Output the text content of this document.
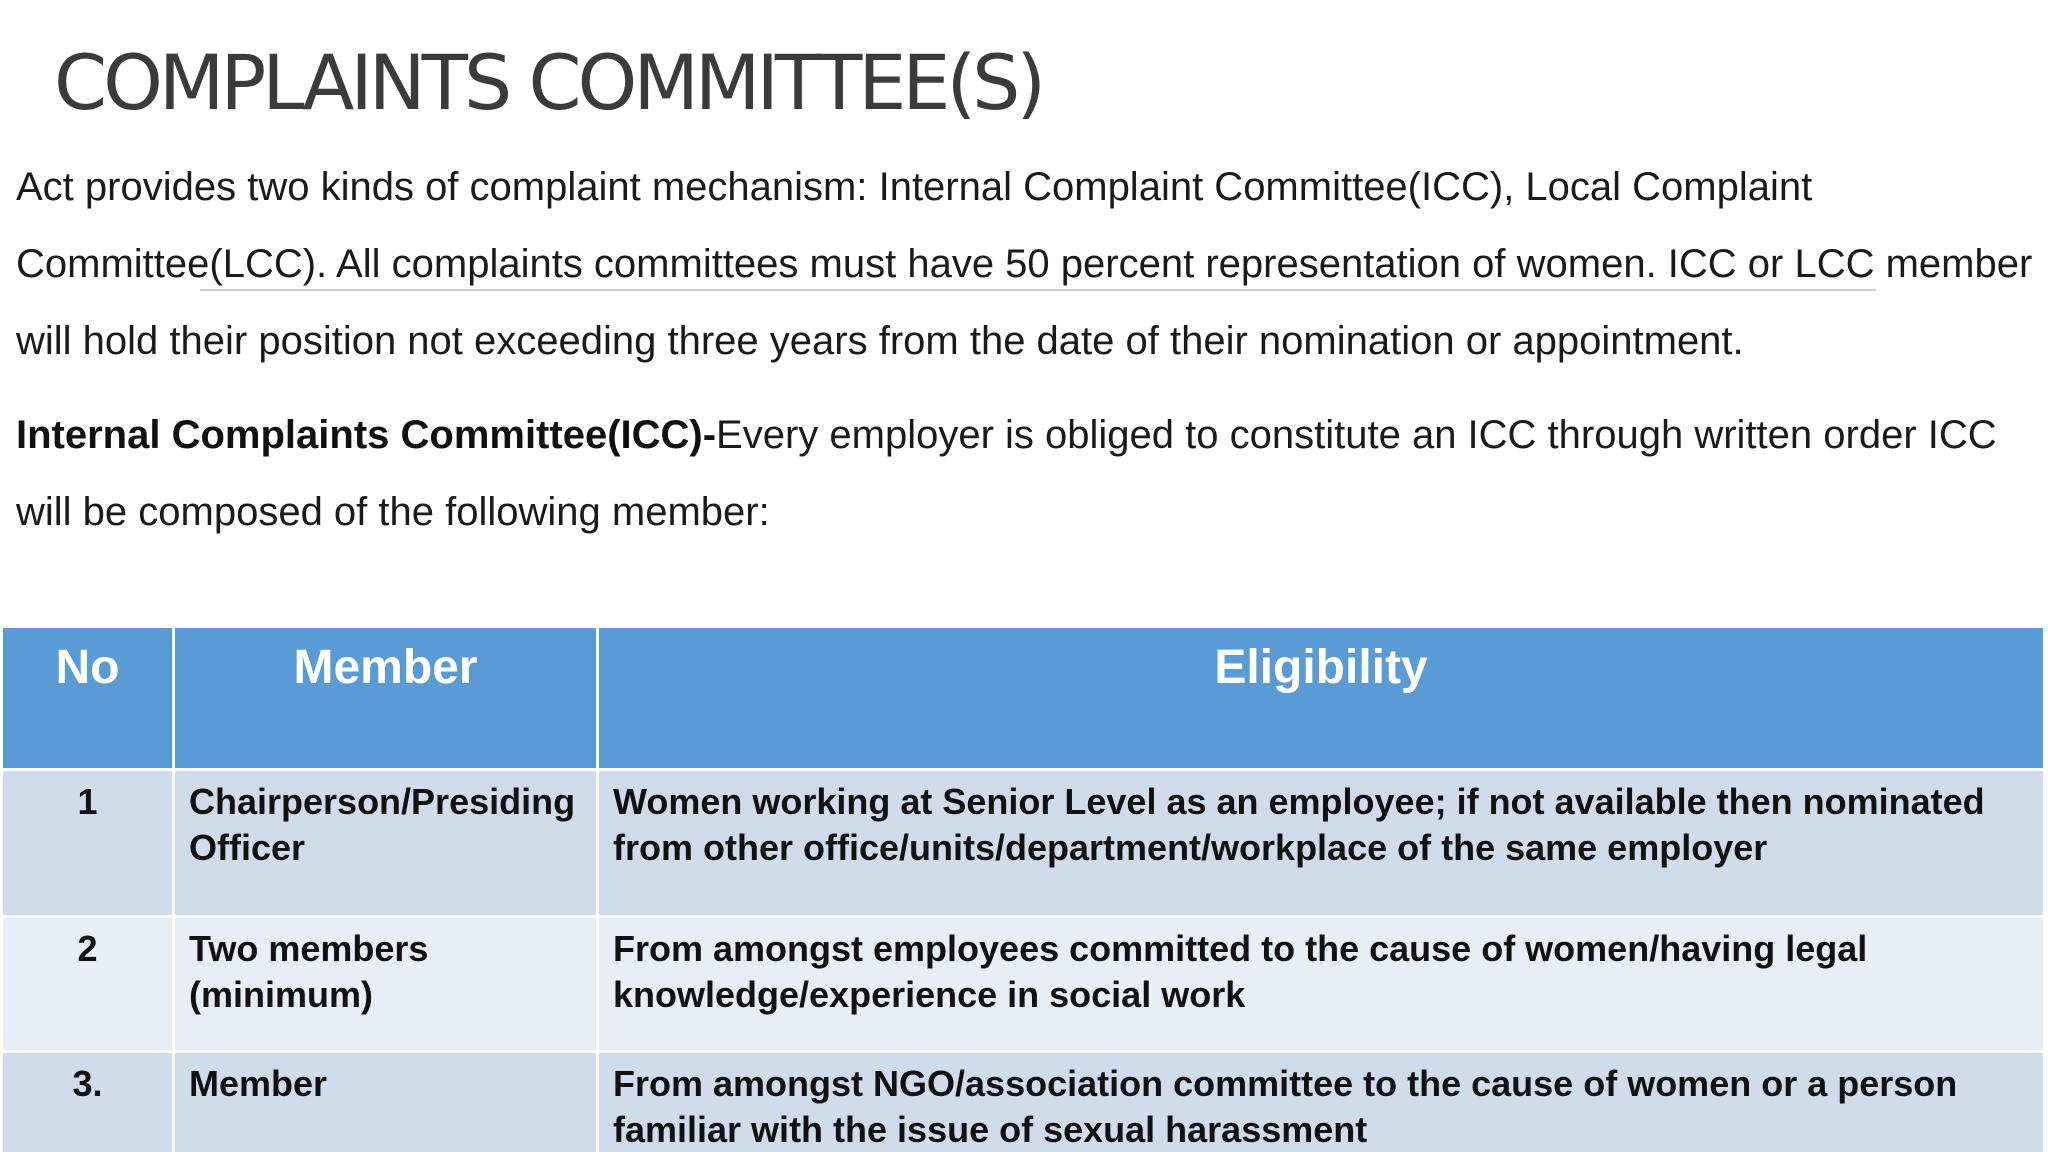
COMPLAINTS COMMITTEE(S)

Act provides two kinds of complaint mechanism: Internal Complaint Committee(ICC), Local Complaint Committee(LCC). All complaints committees must have 50 percent representation of women. ICC or LCC member will hold their position not exceeding three years from the date of their nomination or appointment.

Internal Complaints Committee(ICC)-Every employer is obliged to constitute an ICC through written order ICC will be composed of the following member:

No	Member	Eligibility
1	Chairperson/Presiding Officer	Women working at Senior Level as an employee; if not available then nominated from other office/units/department/workplace of the same employer
2	Two members (minimum)	From amongst employees committed to the cause of women/having legal knowledge/experience in social work
3.	Member	From amongst NGO/association committee to the cause of women or a person familiar with the issue of sexual harassment
